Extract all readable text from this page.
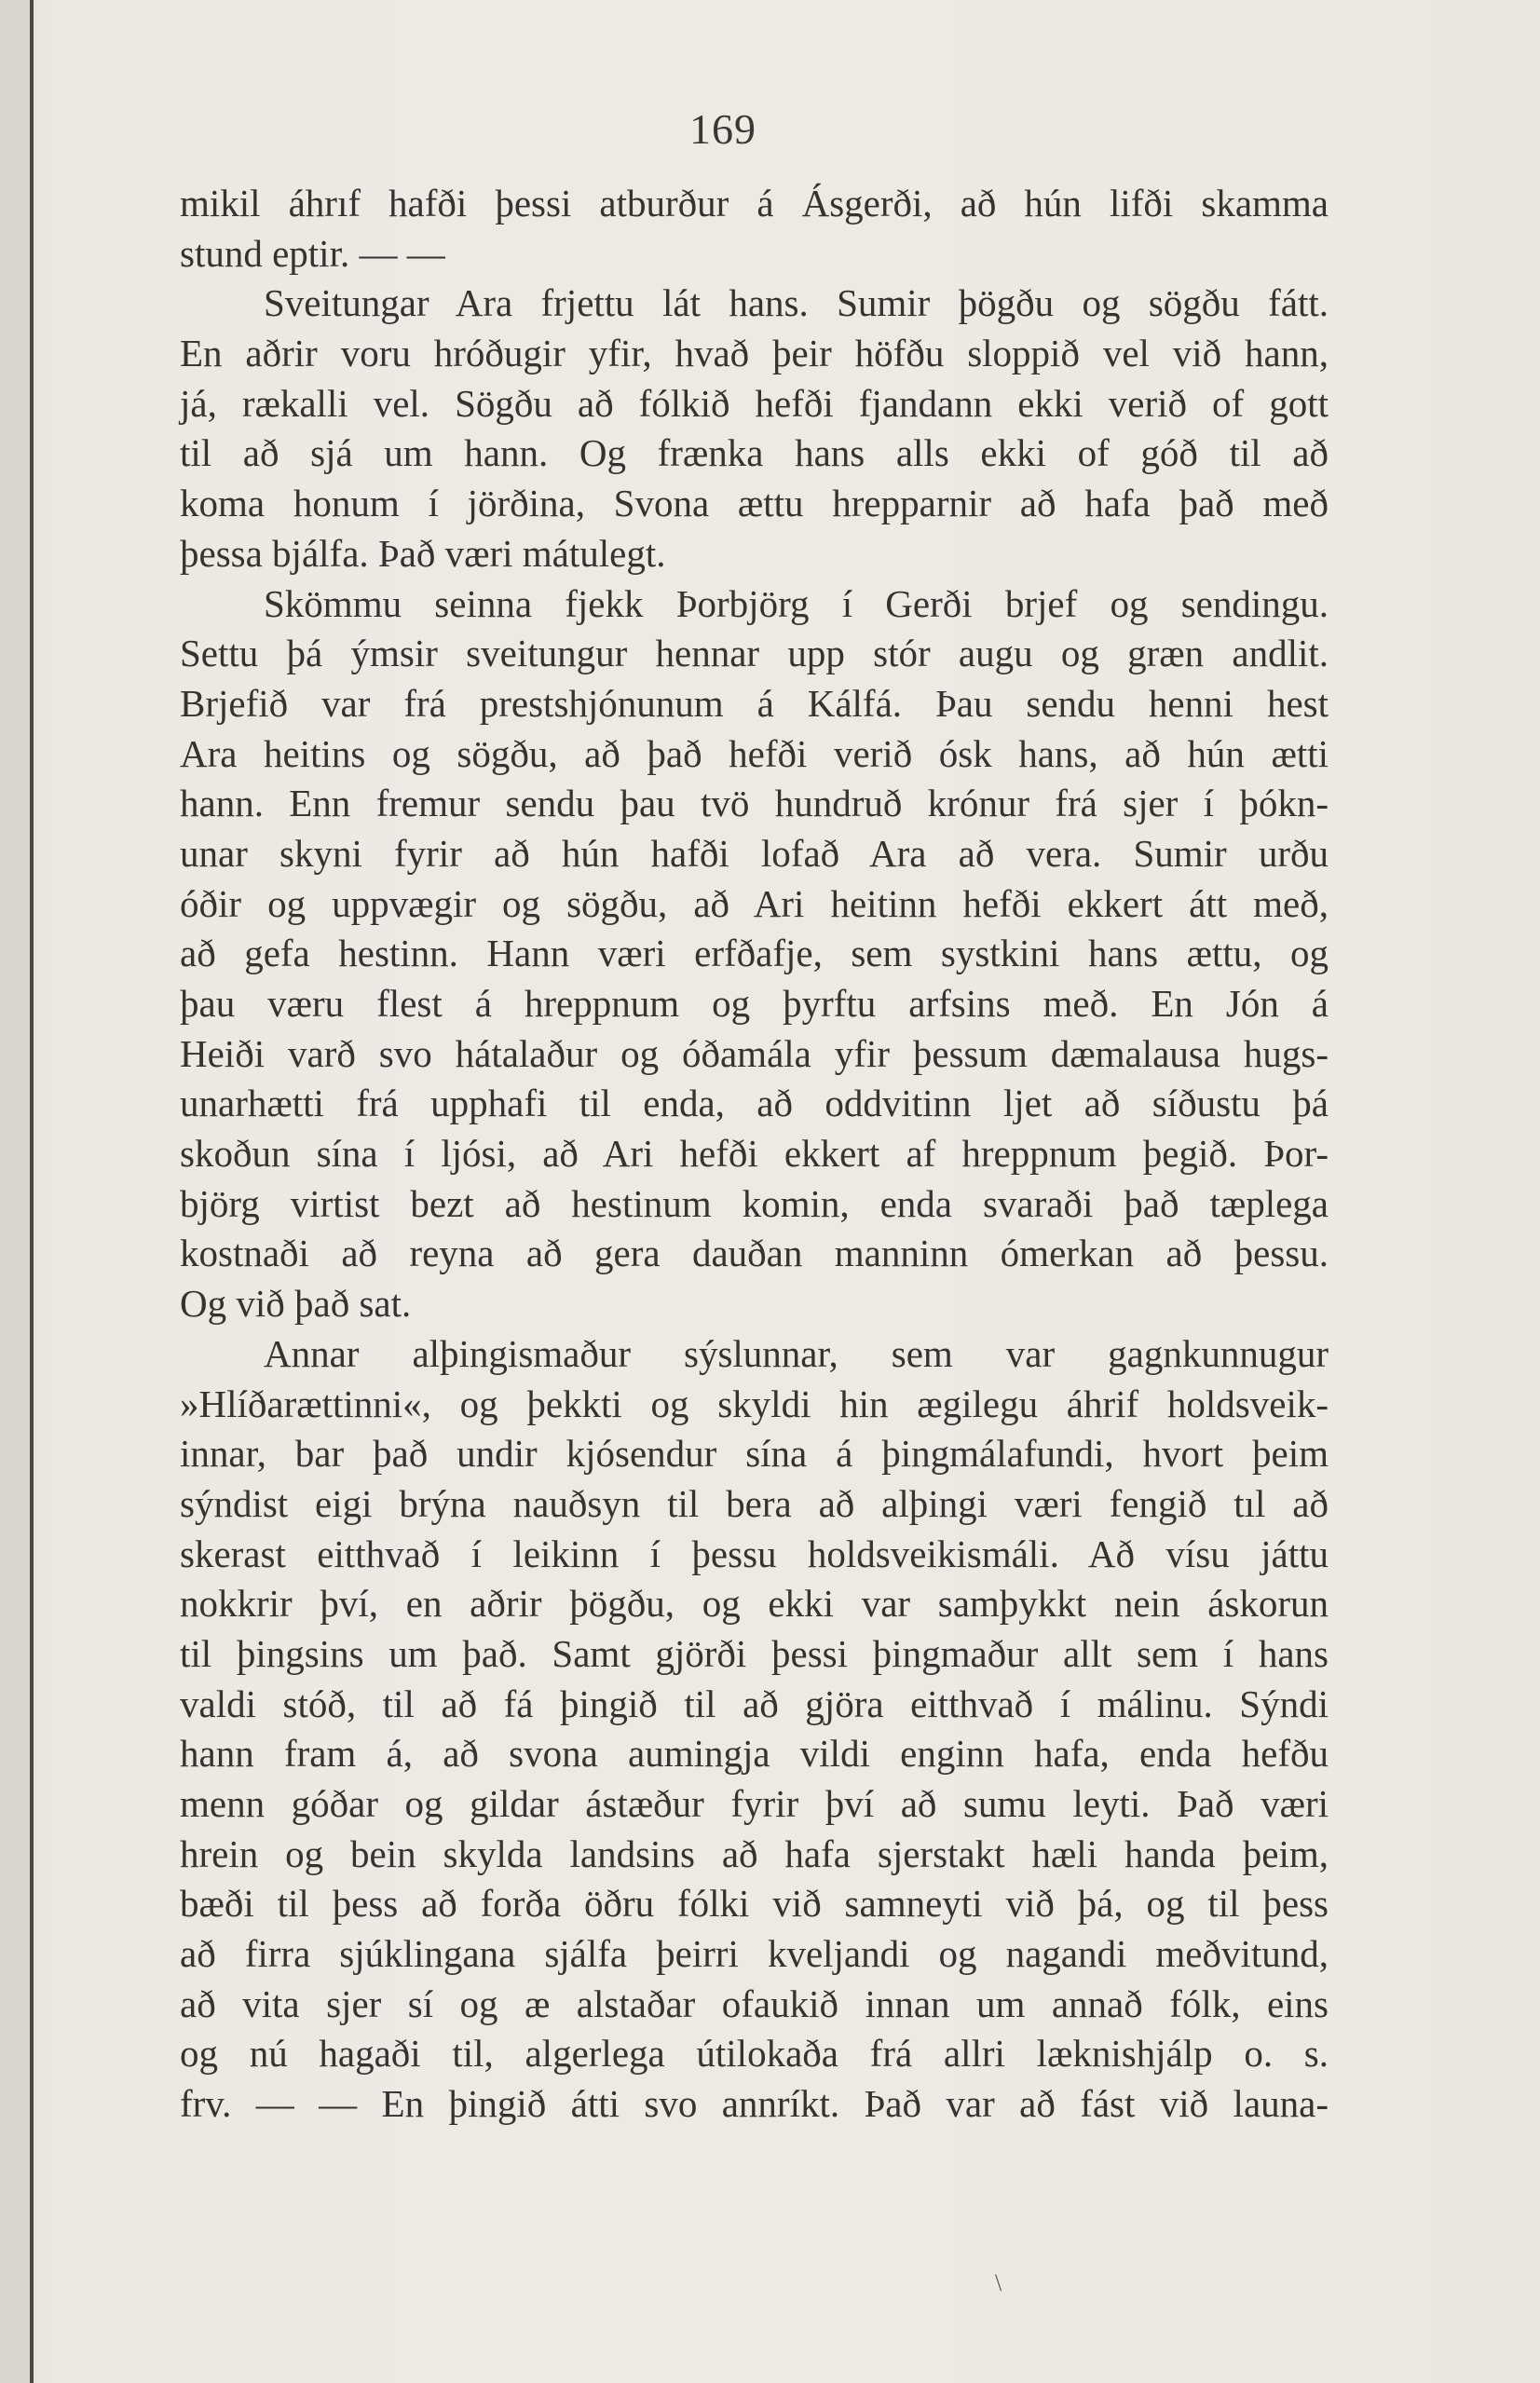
169
mikil áhrıf hafði þessi atburður á Ásgerði, að hún lifði skamma
stund eptir. — —
Sveitungar Ara frjettu lát hans. Sumir þögðu og sögðu fátt.
En aðrir voru hróðugir yfir, hvað þeir höfðu sloppið vel við hann,
já, rækalli vel. Sögðu að fólkið hefði fjandann ekki verið of gott
til að sjá um hann. Og frænka hans alls ekki of góð til að
koma honum í jörðina, Svona ættu hrepparnir að hafa það með
þessa bjálfa. Það væri mátulegt.
Skömmu seinna fjekk Þorbjörg í Gerði brjef og sendingu.
Settu þá ýmsir sveitungur hennar upp stór augu og græn andlit.
Brjefið var frá prestshjónunum á Kálfá. Þau sendu henni hest
Ara heitins og sögðu, að það hefði verið ósk hans, að hún ætti
hann. Enn fremur sendu þau tvö hundruð krónur frá sjer í þókn-
unar skyni fyrir að hún hafði lofað Ara að vera. Sumir urðu
óðir og uppvægir og sögðu, að Ari heitinn hefði ekkert átt með,
að gefa hestinn. Hann væri erfðafje, sem systkini hans ættu, og
þau væru flest á hreppnum og þyrftu arfsins með. En Jón á
Heiði varð svo hátalaður og óðamála yfir þessum dæmalausa hugs-
unarhætti frá upphafi til enda, að oddvitinn ljet að síðustu þá
skoðun sína í ljósi, að Ari hefði ekkert af hreppnum þegið. Þor-
björg virtist bezt að hestinum komin, enda svaraði það tæplega
kostnaði að reyna að gera dauðan manninn ómerkan að þessu.
Og við það sat.
Annar alþingismaður sýslunnar, sem var gagnkunnugur
»Hlíðarættinni«, og þekkti og skyldi hin ægilegu áhrif holdsveik-
innar, bar það undir kjósendur sína á þingmálafundi, hvort þeim
sýndist eigi brýna nauðsyn til bera að alþingi væri fengið tıl að
skerast eitthvað í leikinn í þessu holdsveikismáli. Að vísu játtu
nokkrir því, en aðrir þögðu, og ekki var samþykkt nein áskorun
til þingsins um það. Samt gjörði þessi þingmaður allt sem í hans
valdi stóð, til að fá þingið til að gjöra eitthvað í málinu. Sýndi
hann fram á, að svona aumingja vildi enginn hafa, enda hefðu
menn góðar og gildar ástæður fyrir því að sumu leyti. Það væri
hrein og bein skylda landsins að hafa sjerstakt hæli handa þeim,
bæði til þess að forða öðru fólki við samneyti við þá, og til þess
að firra sjúklingana sjálfa þeirri kveljandi og nagandi meðvitund,
að vita sjer sí og æ alstaðar ofaukið innan um annað fólk, eins
og nú hagaði til, algerlega útilokaða frá allri læknishjálp o. s.
frv. — — En þingið átti svo annríkt. Það var að fást við launa-
\
